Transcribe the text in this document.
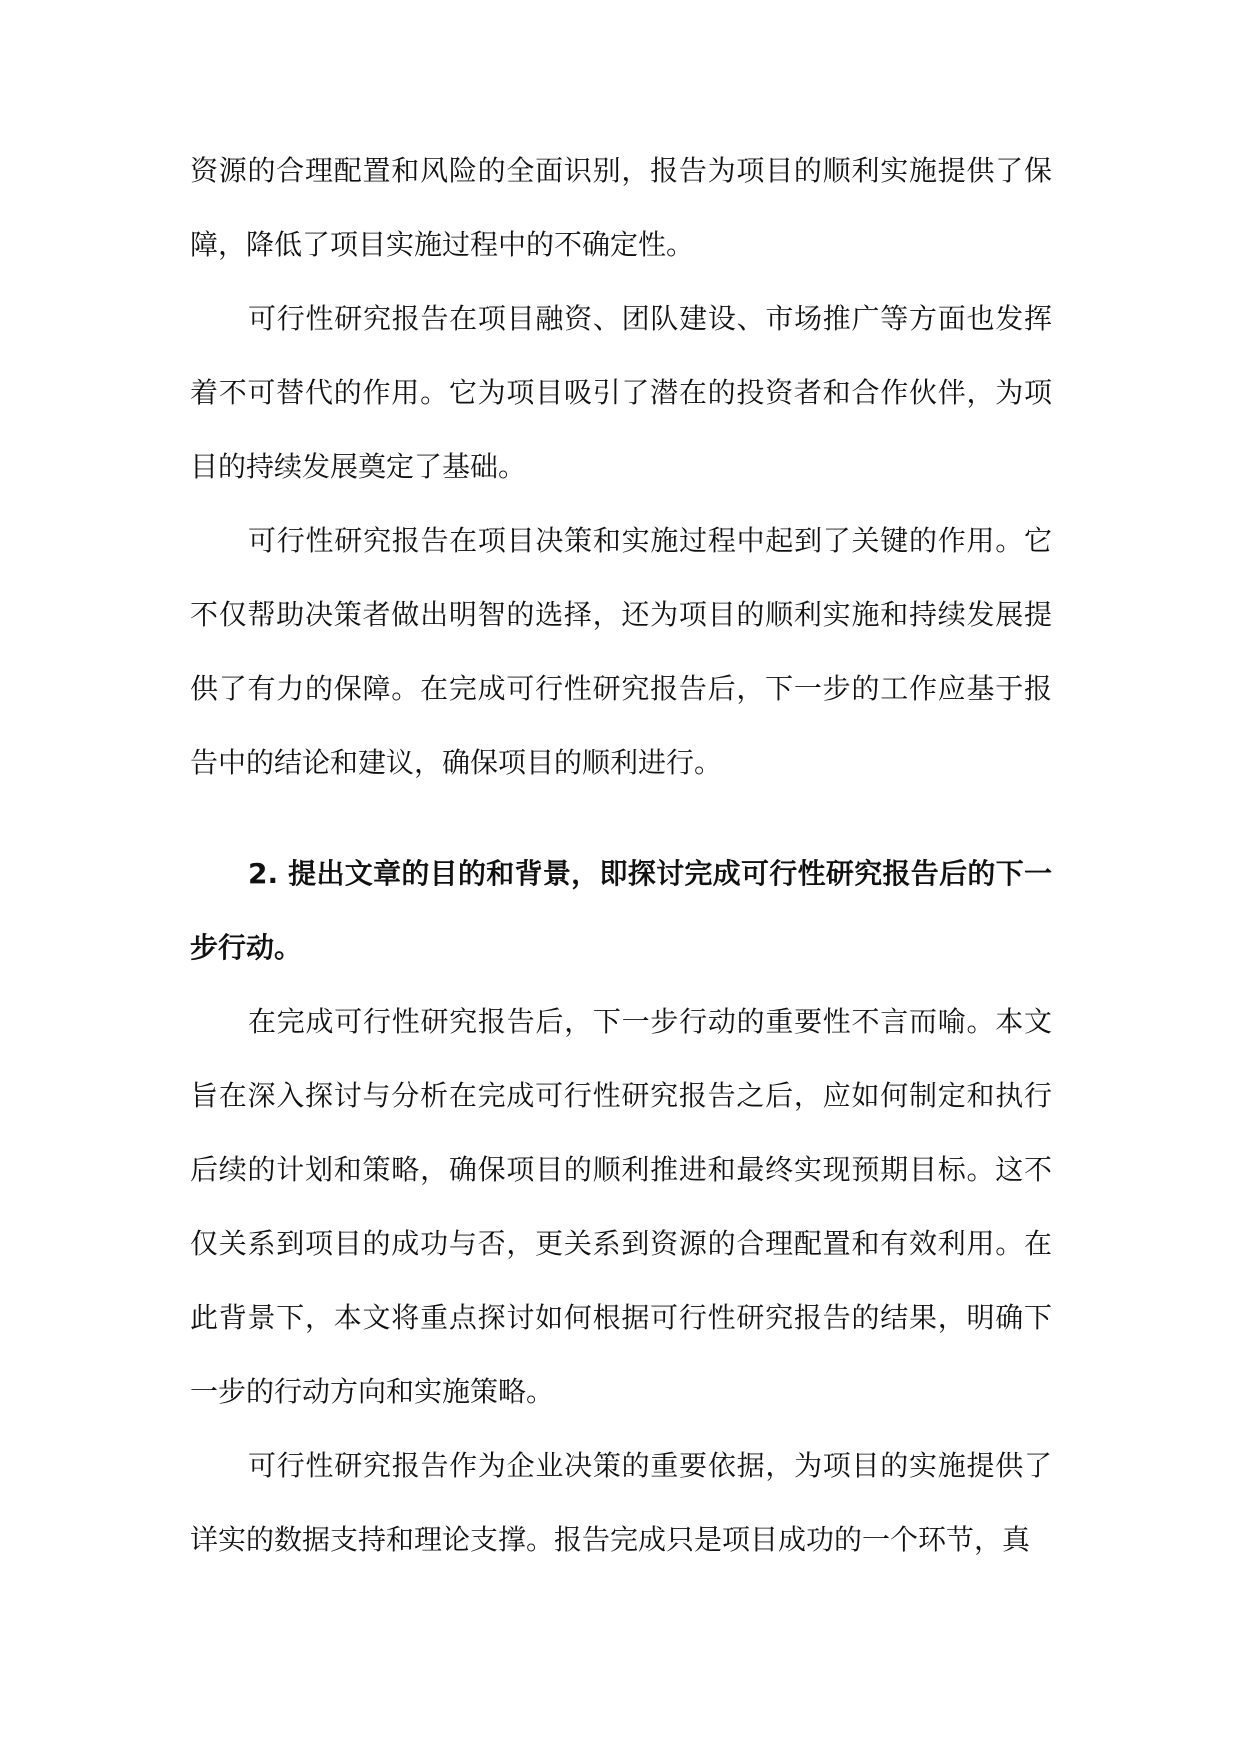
资源的合理配置和风险的全面识别，报告为项目的顺利实施提供了保障，降低了项目实施过程中的不确定性。

可行性研究报告在项目融资、团队建设、市场推广等方面也发挥着不可替代的作用。它为项目吸引了潜在的投资者和合作伙伴，为项目的持续发展奠定了基础。

可行性研究报告在项目决策和实施过程中起到了关键的作用。它不仅帮助决策者做出明智的选择，还为项目的顺利实施和持续发展提供了有力的保障。在完成可行性研究报告后，下一步的工作应基于报告中的结论和建议，确保项目的顺利进行。

2. 提出文章的目的和背景，即探讨完成可行性研究报告后的下一步行动。

在完成可行性研究报告后，下一步行动的重要性不言而喻。本文旨在深入探讨与分析在完成可行性研究报告之后，应如何制定和执行后续的计划和策略，确保项目的顺利推进和最终实现预期目标。这不仅关系到项目的成功与否，更关系到资源的合理配置和有效利用。在此背景下，本文将重点探讨如何根据可行性研究报告的结果，明确下一步的行动方向和实施策略。

可行性研究报告作为企业决策的重要依据，为项目的实施提供了详实的数据支持和理论支撑。报告完成只是项目成功的一个环节，真
